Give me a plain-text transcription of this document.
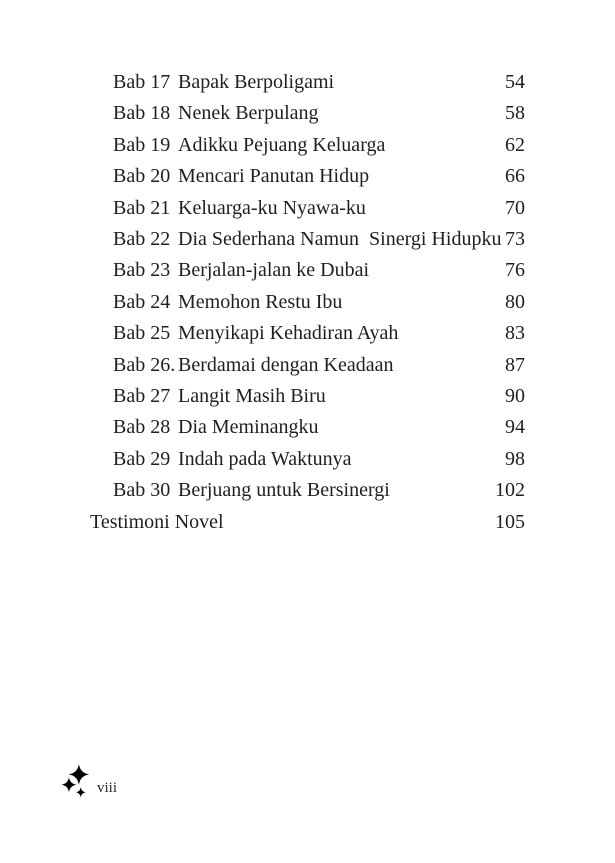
Bab 17 Bapak Berpoligami	54
Bab 18 Nenek Berpulang	58
Bab 19 Adikku Pejuang Keluarga	62
Bab 20 Mencari Panutan Hidup	66
Bab 21 Keluarga-ku Nyawa-ku	70
Bab 22 Dia Sederhana Namun  Sinergi Hidupku 73
Bab 23 Berjalan-jalan ke Dubai	76
Bab 24 Memohon Restu Ibu	80
Bab 25 Menyikapi Kehadiran Ayah	83
Bab 26. Berdamai dengan Keadaan	87
Bab 27 Langit Masih Biru	90
Bab 28 Dia Meminangku	94
Bab 29 Indah pada Waktunya	98
Bab 30 Berjuang untuk Bersinergi	102
Testimoni Novel	105
viii
